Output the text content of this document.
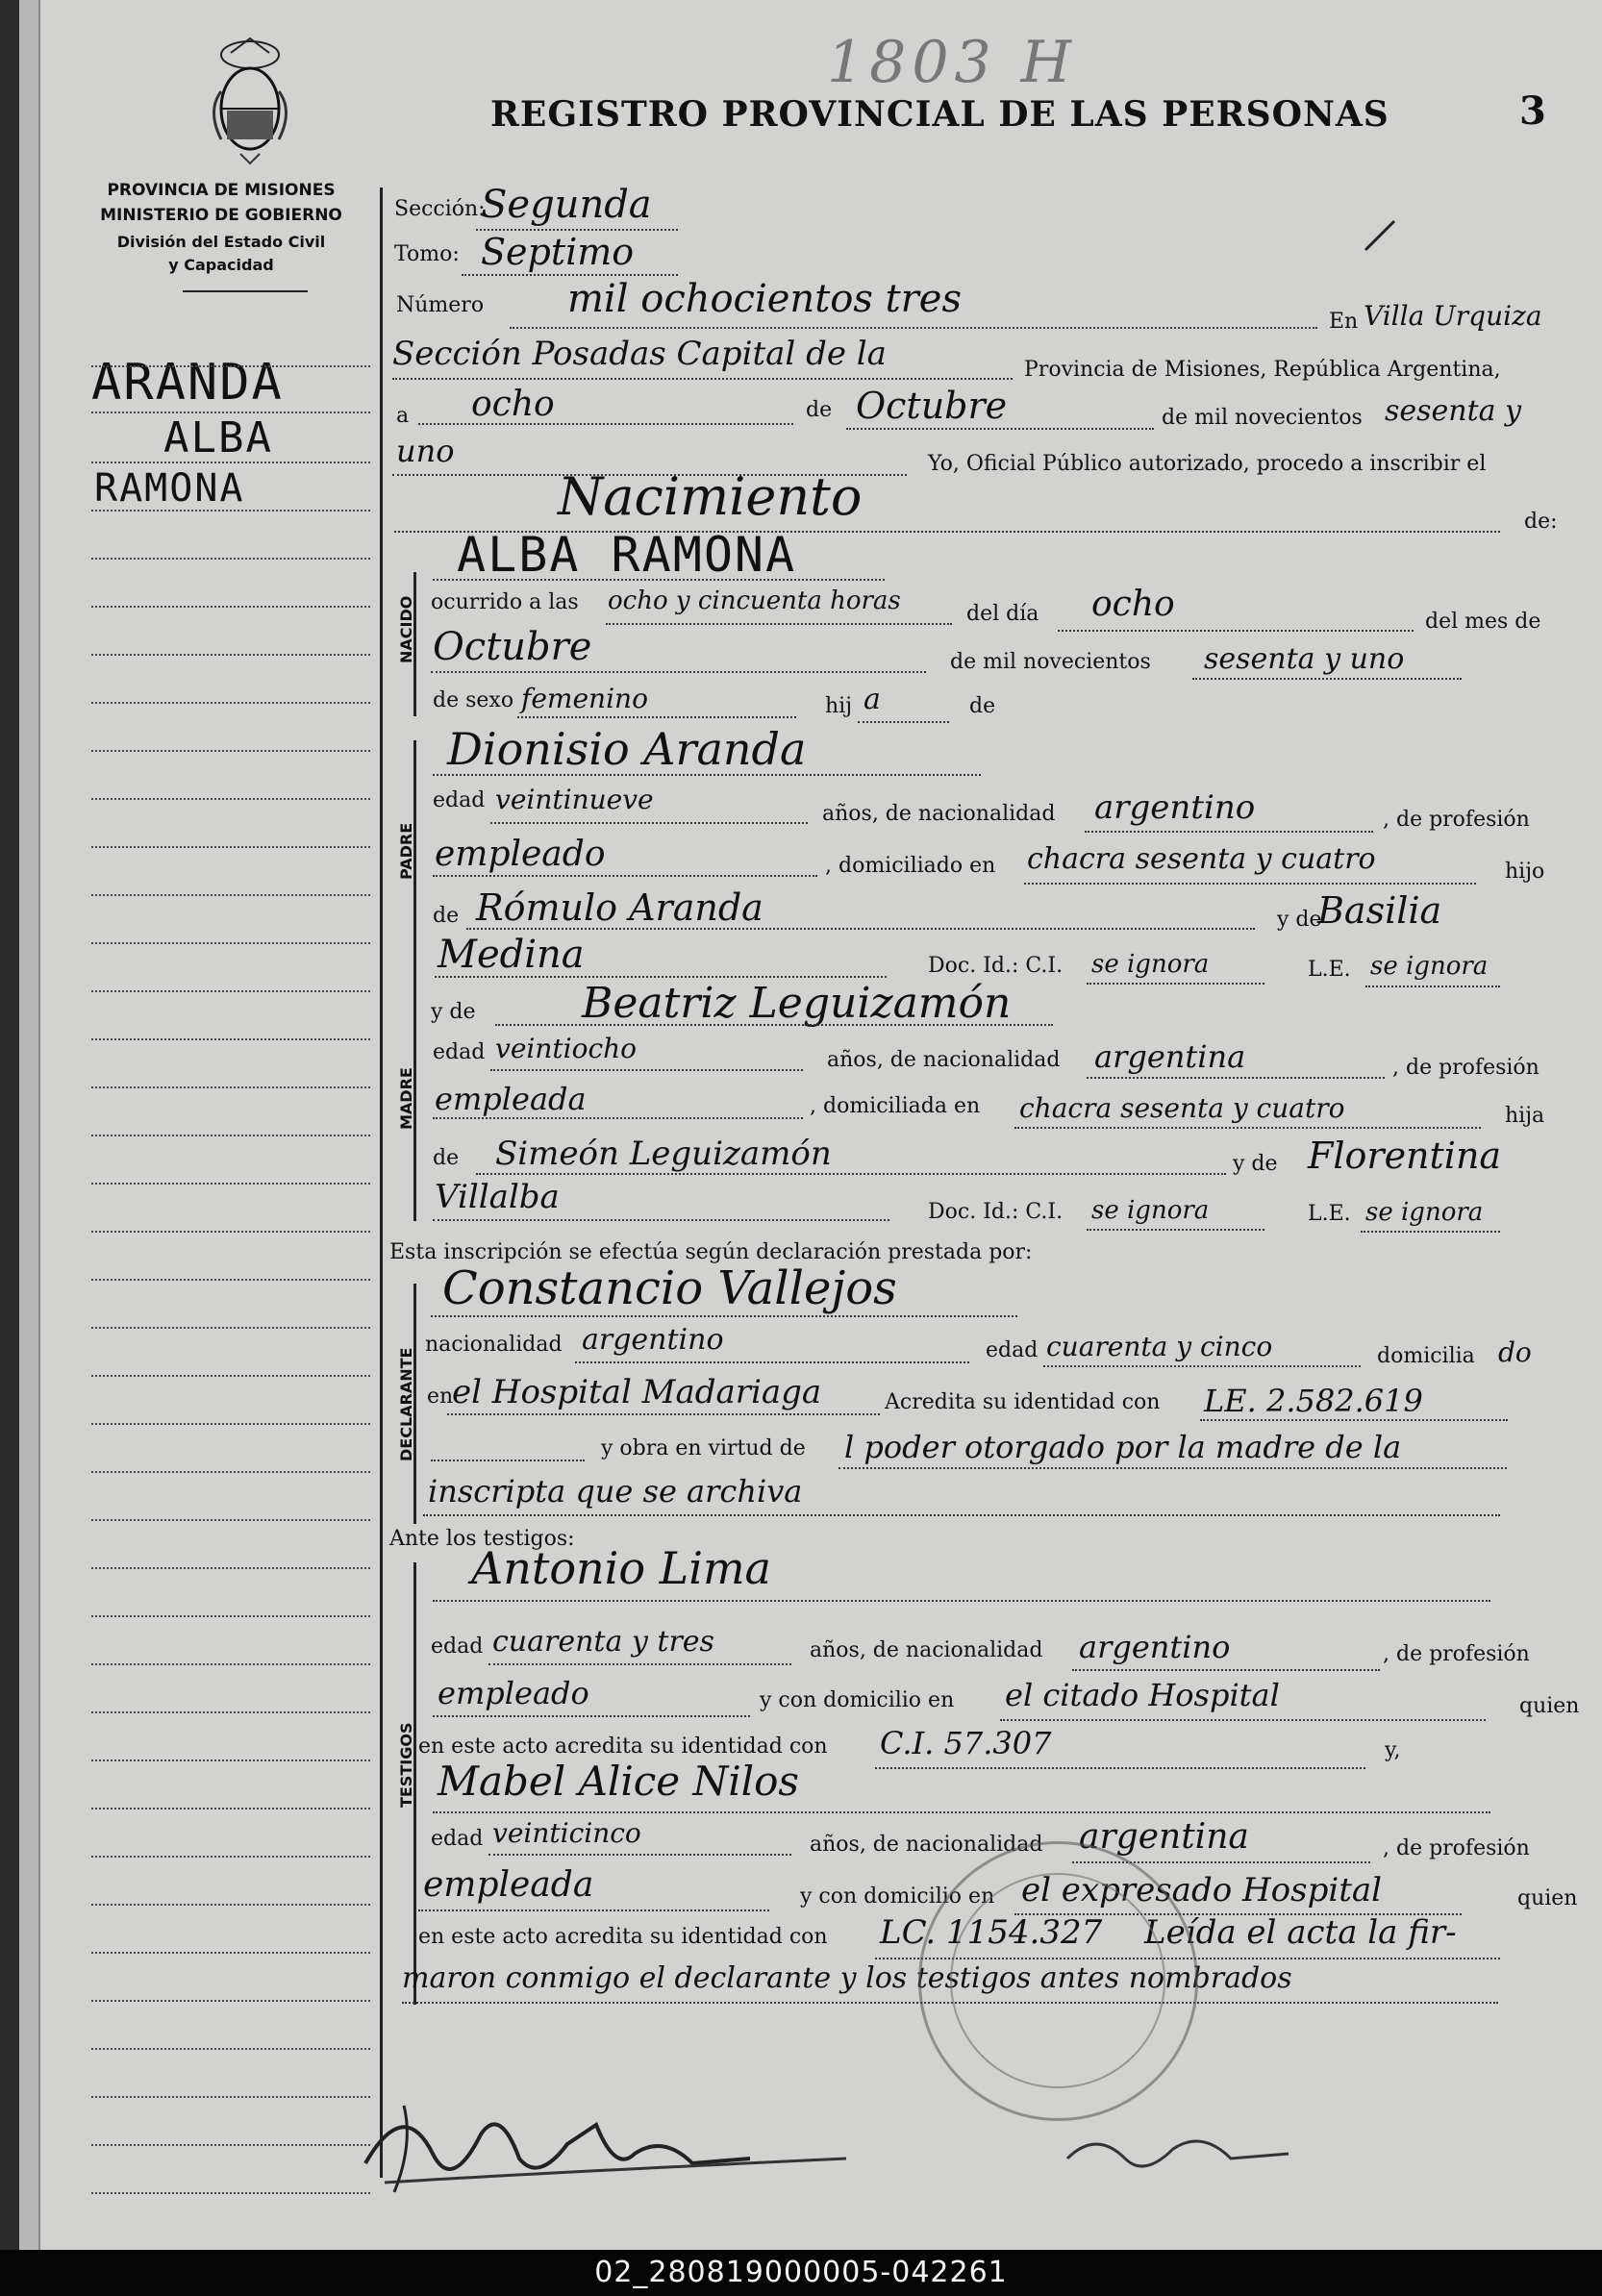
1803 H
REGISTRO PROVINCIAL DE LAS PERSONAS	3
PROVINCIA DE MISIONES
MINISTERIO DE GOBIERNO
División del Estado Civil
y Capacidad
ARANDA
ALBA
RAMONA
Sección:
Segunda
Tomo: Septimo
Número mil ochocientos tres
En Villa Urquiza
Sección Posadas Capital de la	Provincia de Misiones, República Argentina,
a ocho	de Octubre	de mil novecientos sesenta y
uno	Yo, Oficial Público autorizado, procedo a inscribir el
Nacimiento	de:
NACIDO
ALBA RAMONA
ocurrido a las ocho y cincuenta horas	del día ocho	del mes de
Octubre	de mil novecientos sesenta y uno
de sexo femenino	hij a	de
PADRE
Dionisio Aranda
edad veintinueve	años, de nacionalidad argentino	, de profesión
empleado	, domiciliado en chacra sesenta y cuatro	hijo
de Rómulo Aranda	y de
Basilia
Medina	Doc. Id.: C.I. se ignora	L.E. se ignora
MADRE
y de	Beatriz Leguizamón
edad veintiocho	años, de nacionalidad argentina	, de profesión
empleada	, domiciliada en chacra sesenta y cuatro	hija
de Simeón Leguizamón	y de Florentina
Villalba	Doc. Id.: C.I. se ignora	L.E. se ignora
Esta inscripción se efectúa según declaración prestada por:
DECLARANTE
Constancio Vallejos
nacionalidad argentino	edad cuarenta y cinco	domicilia do
en
el Hospital Madariaga	Acredita su identidad con LE. 2.582.619
y obra en virtud de l poder otorgado por la madre de la
inscripta que se archiva
Ante los testigos:
TESTIGOS
Antonio Lima
edad cuarenta y tres	años, de nacionalidad argentino	, de profesión
empleado	y con domicilio en el citado Hospital	quien
en este acto acredita su identidad con C.I. 57.307	y,
Mabel Alice Nilos
edad veinticinco	años, de nacionalidad argentina	, de profesión
empleada	y con domicilio en el expresado Hospital	quien
en este acto acredita su identidad con LC. 1154.327 Leída el acta la fir-
maron conmigo el declarante y los testigos antes nombrados
02_280819000005-042261
